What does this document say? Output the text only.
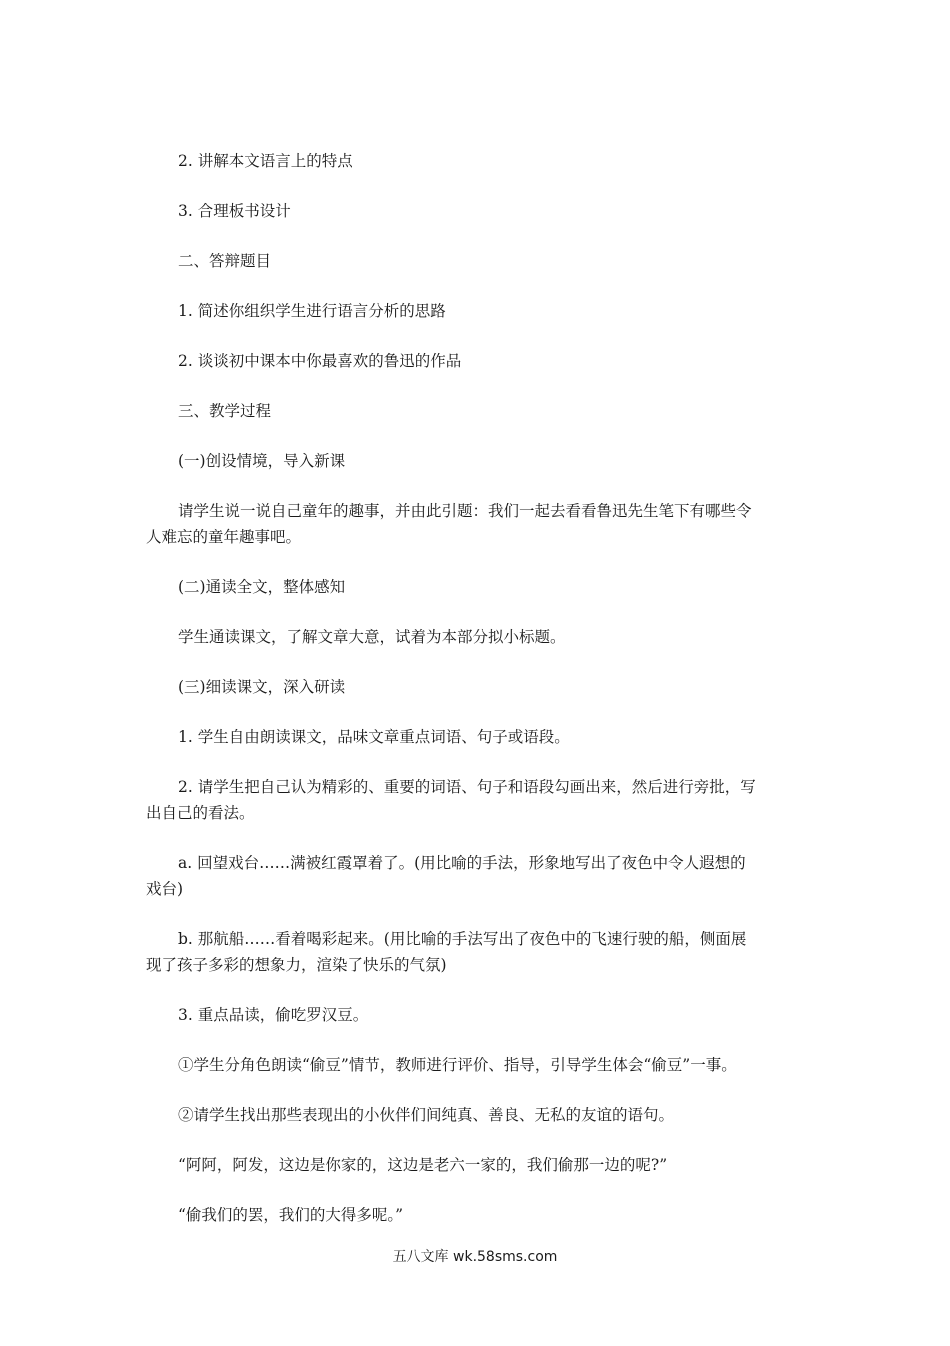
2. 讲解本文语言上的特点

3. 合理板书设计

二、答辩题目

1. 简述你组织学生进行语言分析的思路

2. 谈谈初中课本中你最喜欢的鲁迅的作品

三、教学过程

(一)创设情境，导入新课

请学生说一说自己童年的趣事，并由此引题：我们一起去看看鲁迅先生笔下有哪些令
人难忘的童年趣事吧。

(二)通读全文，整体感知

学生通读课文，了解文章大意，试着为本部分拟小标题。

(三)细读课文，深入研读

1. 学生自由朗读课文，品味文章重点词语、句子或语段。

2. 请学生把自己认为精彩的、重要的词语、句子和语段勾画出来，然后进行旁批，写
出自己的看法。

a. 回望戏台……满被红霞罩着了。(用比喻的手法，形象地写出了夜色中令人遐想的
戏台)

b. 那航船……看着喝彩起来。(用比喻的手法写出了夜色中的飞速行驶的船，侧面展
现了孩子多彩的想象力，渲染了快乐的气氛)

3. 重点品读，偷吃罗汉豆。

①学生分角色朗读“偷豆”情节，教师进行评价、指导，引导学生体会“偷豆”一事。

②请学生找出那些表现出的小伙伴们间纯真、善良、无私的友谊的语句。

“阿阿，阿发，这边是你家的，这边是老六一家的，我们偷那一边的呢?”

“偷我们的罢，我们的大得多呢。”

五八文库 wk.58sms.com
